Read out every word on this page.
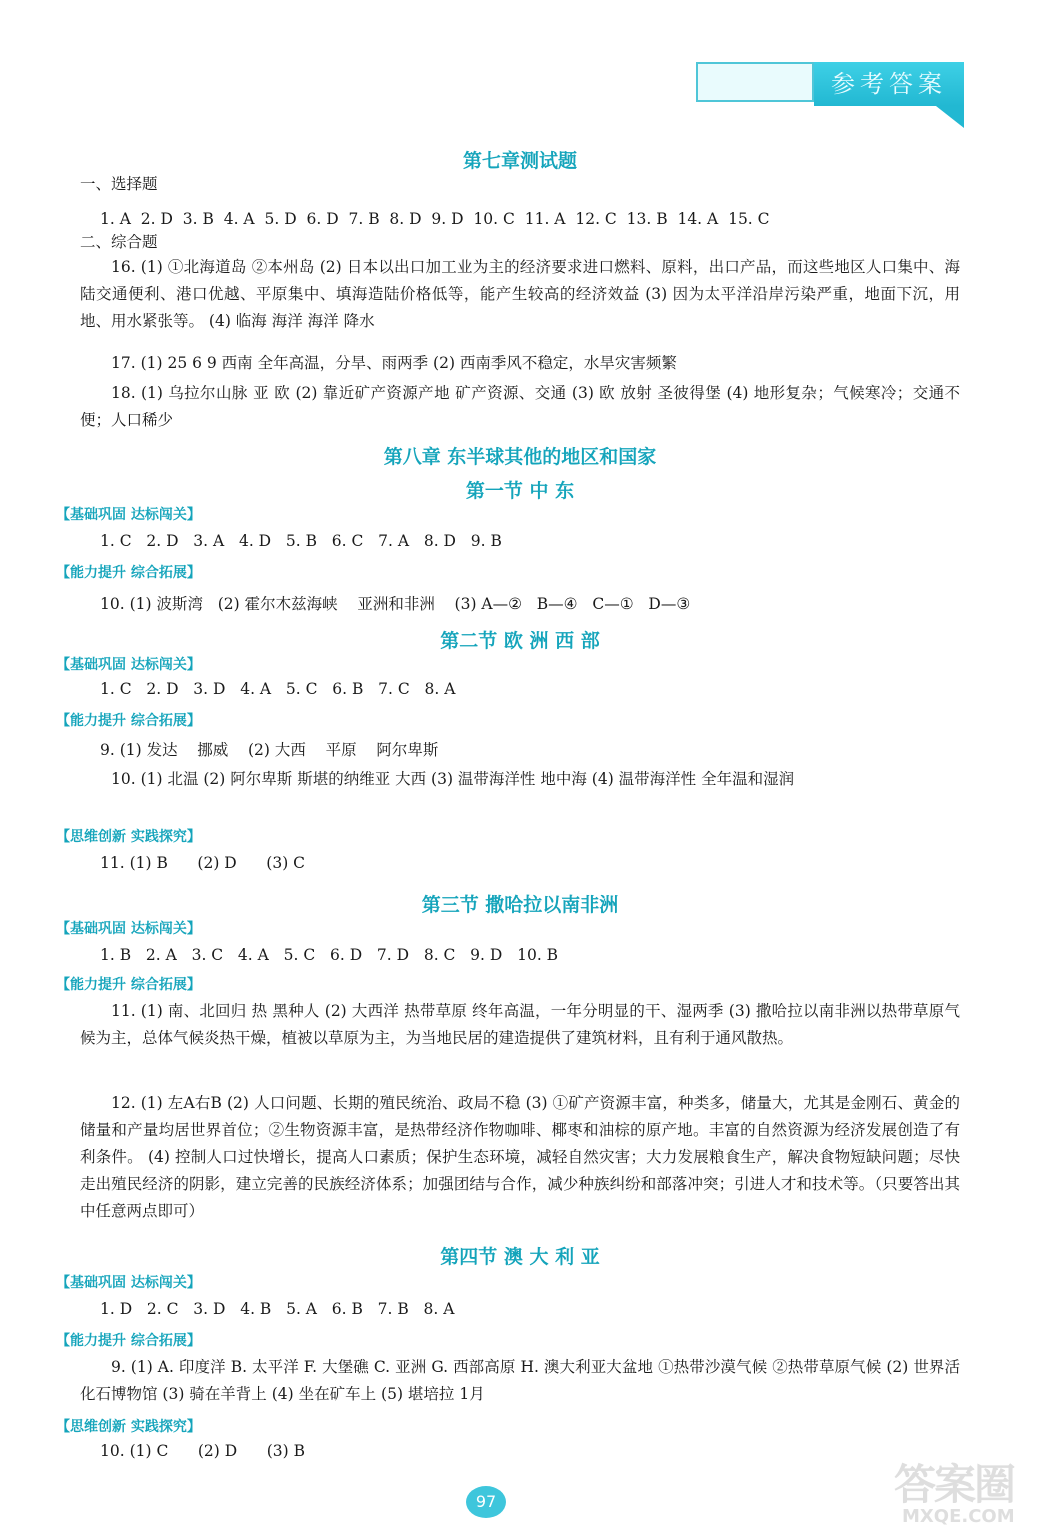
参考答案
第七章测试题
一、选择题
1. A  2. D  3. B  4. A  5. D  6. D  7. B  8. D  9. D  10. C  11. A  12. C  13. B  14. A  15. C
二、综合题
16. (1) ①北海道岛 ②本州岛 (2) 日本以出口加工业为主的经济要求进口燃料、原料，出口产品，而这些地区人口集中、海陆交通便利、港口优越、平原集中、填海造陆价格低等，能产生较高的经济效益 (3) 因为太平洋沿岸污染严重，地面下沉，用地、用水紧张等。 (4) 临海 海洋 海洋 降水
17. (1) 25 6 9 西南 全年高温，分旱、雨两季 (2) 西南季风不稳定，水旱灾害频繁
18. (1) 乌拉尔山脉 亚 欧 (2) 靠近矿产资源产地 矿产资源、交通 (3) 欧 放射 圣彼得堡 (4) 地形复杂；气候寒冷；交通不便；人口稀少
第八章 东半球其他的地区和国家
第一节 中 东
【基础巩固 达标闯关】
1. C   2. D   3. A   4. D   5. B   6. C   7. A   8. D   9. B
【能力提升 综合拓展】
10. (1) 波斯湾   (2) 霍尔木兹海峡    亚洲和非洲    (3) A—②   B—④   C—①   D—③
第二节 欧 洲 西 部
【基础巩固 达标闯关】
1. C   2. D   3. D   4. A   5. C   6. B   7. C   8. A
【能力提升 综合拓展】
9. (1) 发达    挪威    (2) 大西    平原    阿尔卑斯
10. (1) 北温 (2) 阿尔卑斯 斯堪的纳维亚 大西 (3) 温带海洋性 地中海 (4) 温带海洋性 全年温和湿润
【思维创新 实践探究】
11. (1) B      (2) D      (3) C
第三节 撒哈拉以南非洲
【基础巩固 达标闯关】
1. B   2. A   3. C   4. A   5. C   6. D   7. D   8. C   9. D   10. B
【能力提升 综合拓展】
11. (1) 南、北回归 热 黑种人 (2) 大西洋 热带草原 终年高温，一年分明显的干、湿两季 (3) 撒哈拉以南非洲以热带草原气候为主，总体气候炎热干燥，植被以草原为主，为当地民居的建造提供了建筑材料，且有利于通风散热。
12. (1) 左A右B (2) 人口问题、长期的殖民统治、政局不稳 (3) ①矿产资源丰富，种类多，储量大，尤其是金刚石、黄金的储量和产量均居世界首位；②生物资源丰富，是热带经济作物咖啡、椰枣和油棕的原产地。丰富的自然资源为经济发展创造了有利条件。 (4) 控制人口过快增长，提高人口素质；保护生态环境，减轻自然灾害；大力发展粮食生产，解决食物短缺问题；尽快走出殖民经济的阴影，建立完善的民族经济体系；加强团结与合作，减少种族纠纷和部落冲突；引进人才和技术等。（只要答出其中任意两点即可）
第四节 澳 大 利 亚
【基础巩固 达标闯关】
1. D   2. C   3. D   4. B   5. A   6. B   7. B   8. A
【能力提升 综合拓展】
9. (1) A. 印度洋 B. 太平洋 F. 大堡礁 C. 亚洲 G. 西部高原 H. 澳大利亚大盆地 ①热带沙漠气候 ②热带草原气候 (2) 世界活化石博物馆 (3) 骑在羊背上 (4) 坐在矿车上 (5) 堪培拉 1月
【思维创新 实践探究】
10. (1) C      (2) D      (3) B
97	答案圈
MXQE.COM
